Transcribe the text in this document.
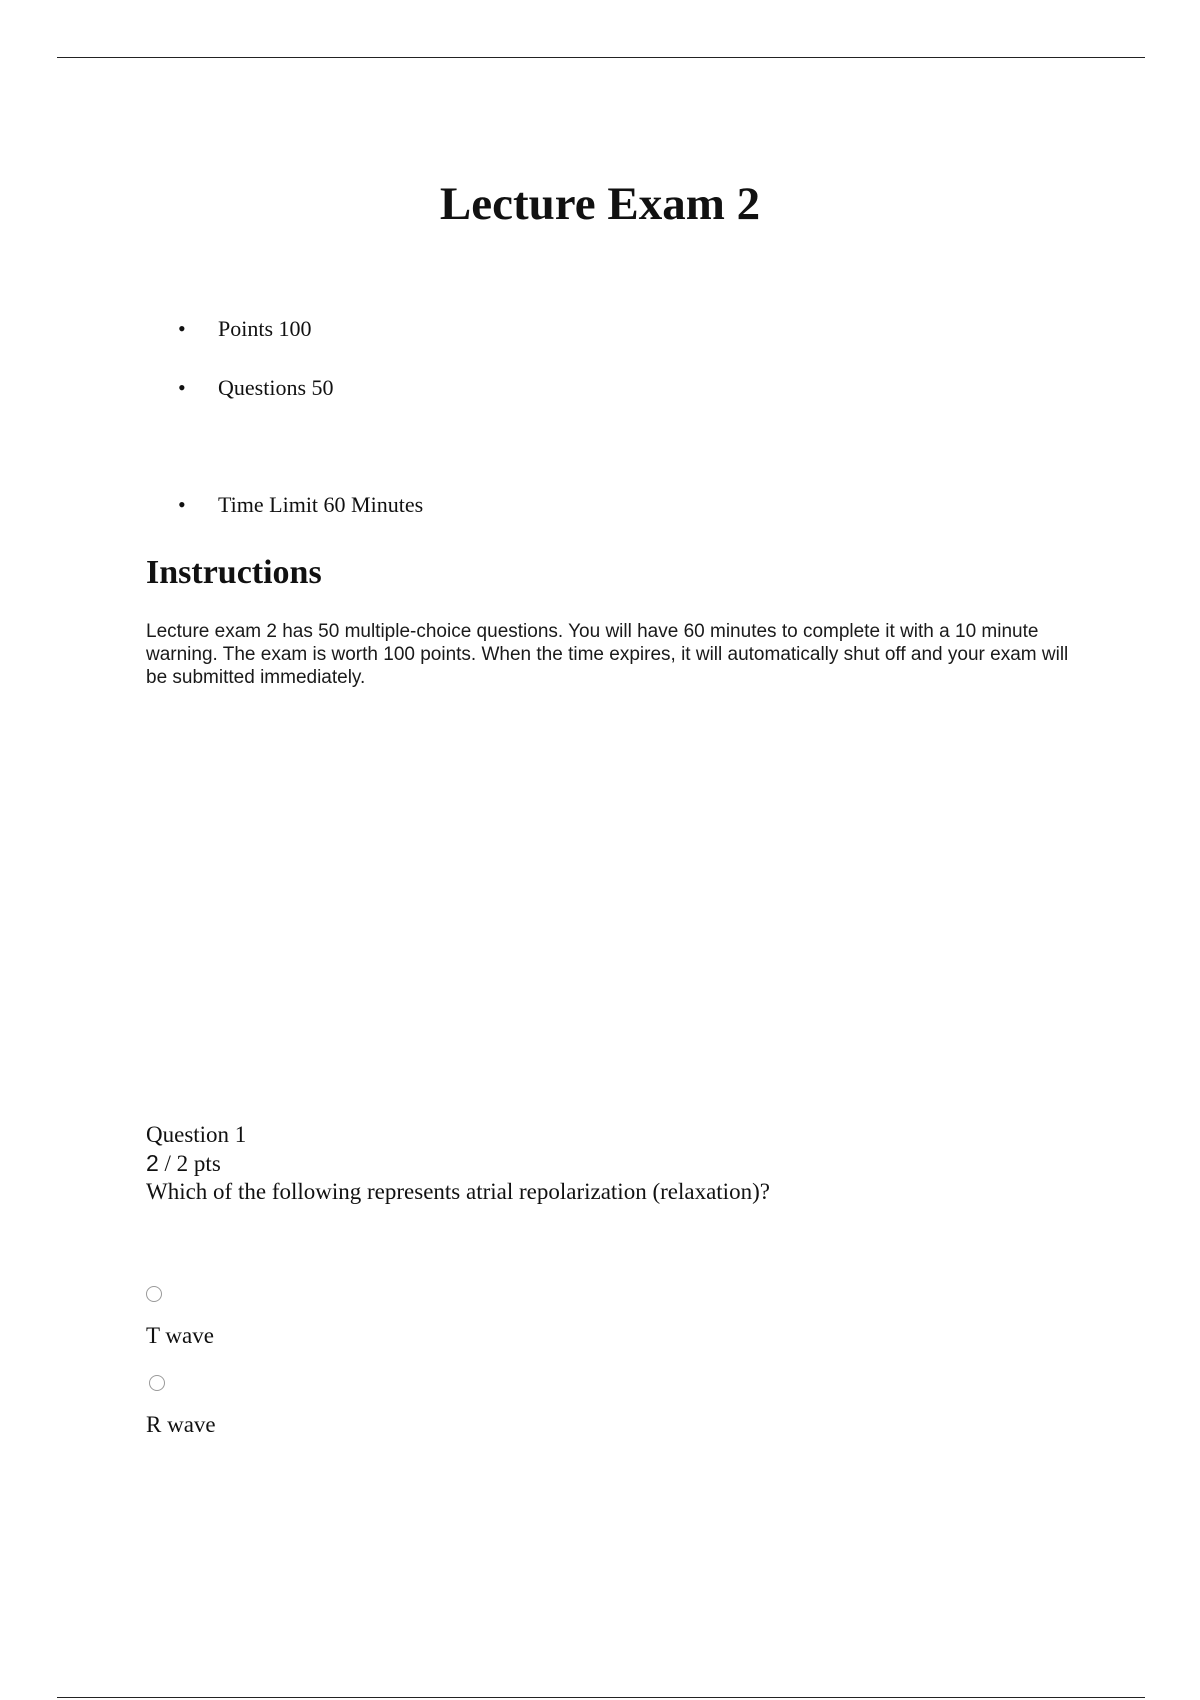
Lecture Exam 2
• Points 100
• Questions 50
• Time Limit 60 Minutes
Instructions

Lecture exam 2 has 50 multiple-choice questions. You will have 60 minutes to complete it with a 10 minute warning. The exam is worth 100 points. When the time expires, it will automatically shut off and your exam will be submitted immediately.

Question 1
2 / 2 pts

Which of the following represents atrial repolarization (relaxation)?

T wave
R wave
